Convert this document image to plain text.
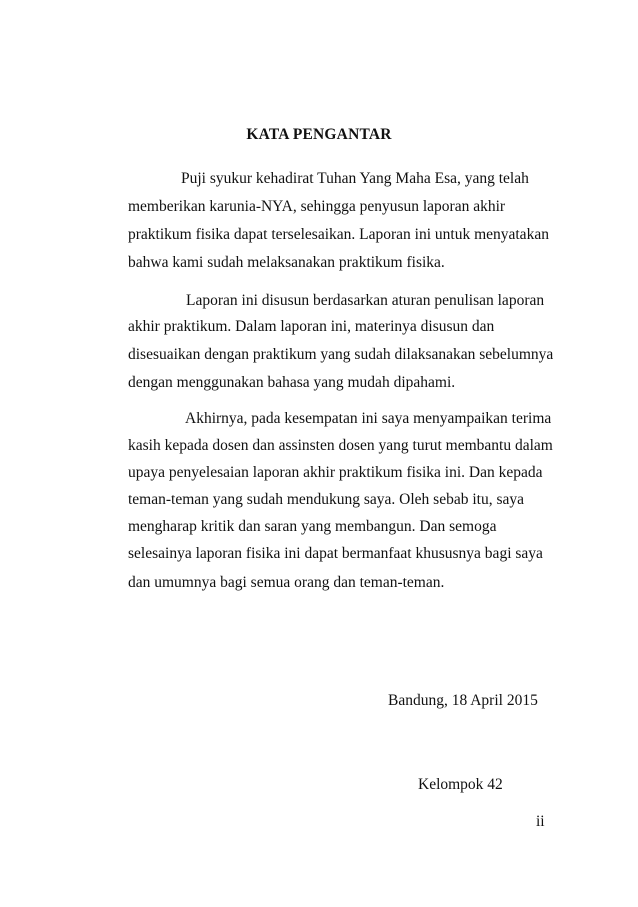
KATA PENGANTAR
Puji syukur kehadirat Tuhan Yang Maha Esa, yang telah
memberikan karunia-NYA, sehingga penyusun laporan akhir
praktikum fisika dapat terselesaikan. Laporan ini untuk menyatakan
bahwa kami sudah melaksanakan praktikum fisika.
Laporan ini disusun berdasarkan aturan penulisan laporan
akhir praktikum. Dalam laporan ini, materinya disusun dan
disesuaikan dengan praktikum yang sudah dilaksanakan sebelumnya
dengan menggunakan bahasa yang mudah dipahami.
Akhirnya, pada kesempatan ini saya menyampaikan terima
kasih kepada dosen dan assinsten dosen yang turut membantu dalam
upaya penyelesaian laporan akhir praktikum fisika ini. Dan kepada
teman-teman yang sudah mendukung saya. Oleh sebab itu, saya
mengharap kritik dan saran yang membangun. Dan semoga
selesainya laporan fisika ini dapat bermanfaat khususnya bagi saya
dan umumnya bagi semua orang dan teman-teman.
Bandung, 18 April 2015
Kelompok 42
ii
